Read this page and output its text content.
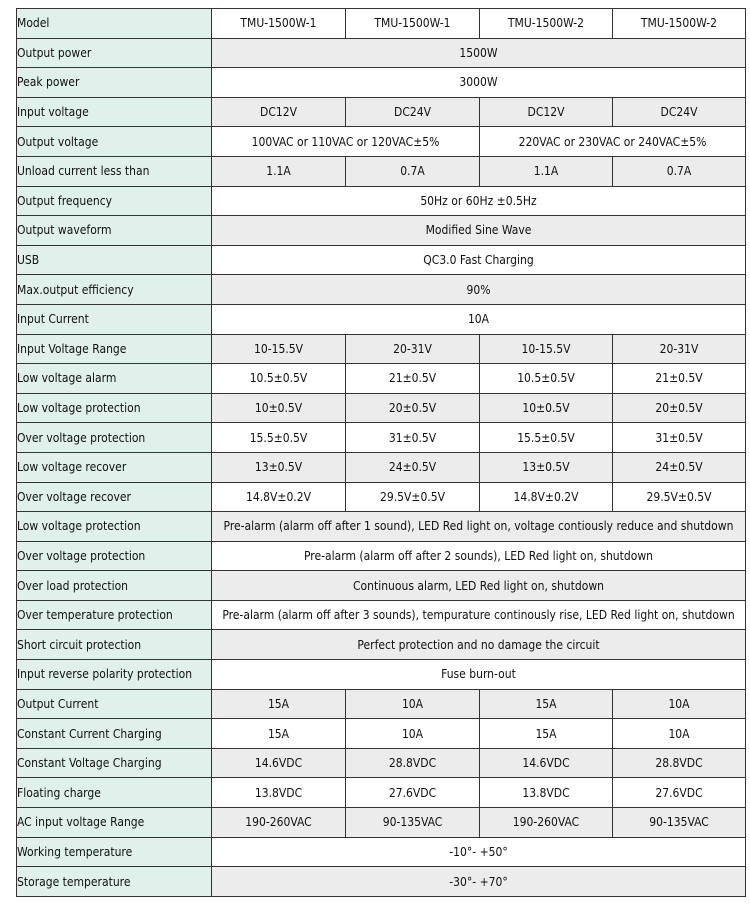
Model	TMU-1500W-1	TMU-1500W-1	TMU-1500W-2	TMU-1500W-2
Output power	1500W			
Peak power	3000W			
Input voltage	DC12V	DC24V	DC12V	DC24V
Output voltage	100VAC or 110VAC or 120VAC±5%		220VAC or 230VAC or 240VAC±5%	
Unload current less than	1.1A	0.7A	1.1A	0.7A
Output frequency	50Hz or 60Hz ±0.5Hz			
Output waveform	Modified Sine Wave			
USB	QC3.0 Fast Charging			
Max.output efficiency	90%			
Input Current	10A			
Input Voltage Range	10-15.5V	20-31V	10-15.5V	20-31V
Low voltage alarm	10.5±0.5V	21±0.5V	10.5±0.5V	21±0.5V
Low voltage protection	10±0.5V	20±0.5V	10±0.5V	20±0.5V
Over voltage protection	15.5±0.5V	31±0.5V	15.5±0.5V	31±0.5V
Low voltage recover	13±0.5V	24±0.5V	13±0.5V	24±0.5V
Over voltage recover	14.8V±0.2V	29.5V±0.5V	14.8V±0.2V	29.5V±0.5V
Low voltage protection	Pre-alarm (alarm off after 1 sound), LED Red light on, voltage contiously reduce and shutdown			
Over voltage protection	Pre-alarm (alarm off after 2 sounds), LED Red light on, shutdown			
Over load protection	Continuous alarm, LED Red light on, shutdown			
Over temperature protection	Pre-alarm (alarm off after 3 sounds), tempurature continously rise, LED Red light on, shutdown			
Short circuit protection	Perfect protection and no damage the circuit			
Input reverse polarity protection	Fuse burn-out			
Output Current	15A	10A	15A	10A
Constant Current Charging	15A	10A	15A	10A
Constant Voltage Charging	14.6VDC	28.8VDC	14.6VDC	28.8VDC
Floating charge	13.8VDC	27.6VDC	13.8VDC	27.6VDC
AC input voltage Range	190-260VAC	90-135VAC	190-260VAC	90-135VAC
Working temperature	-10°- +50°			
Storage temperature	-30°- +70°			
